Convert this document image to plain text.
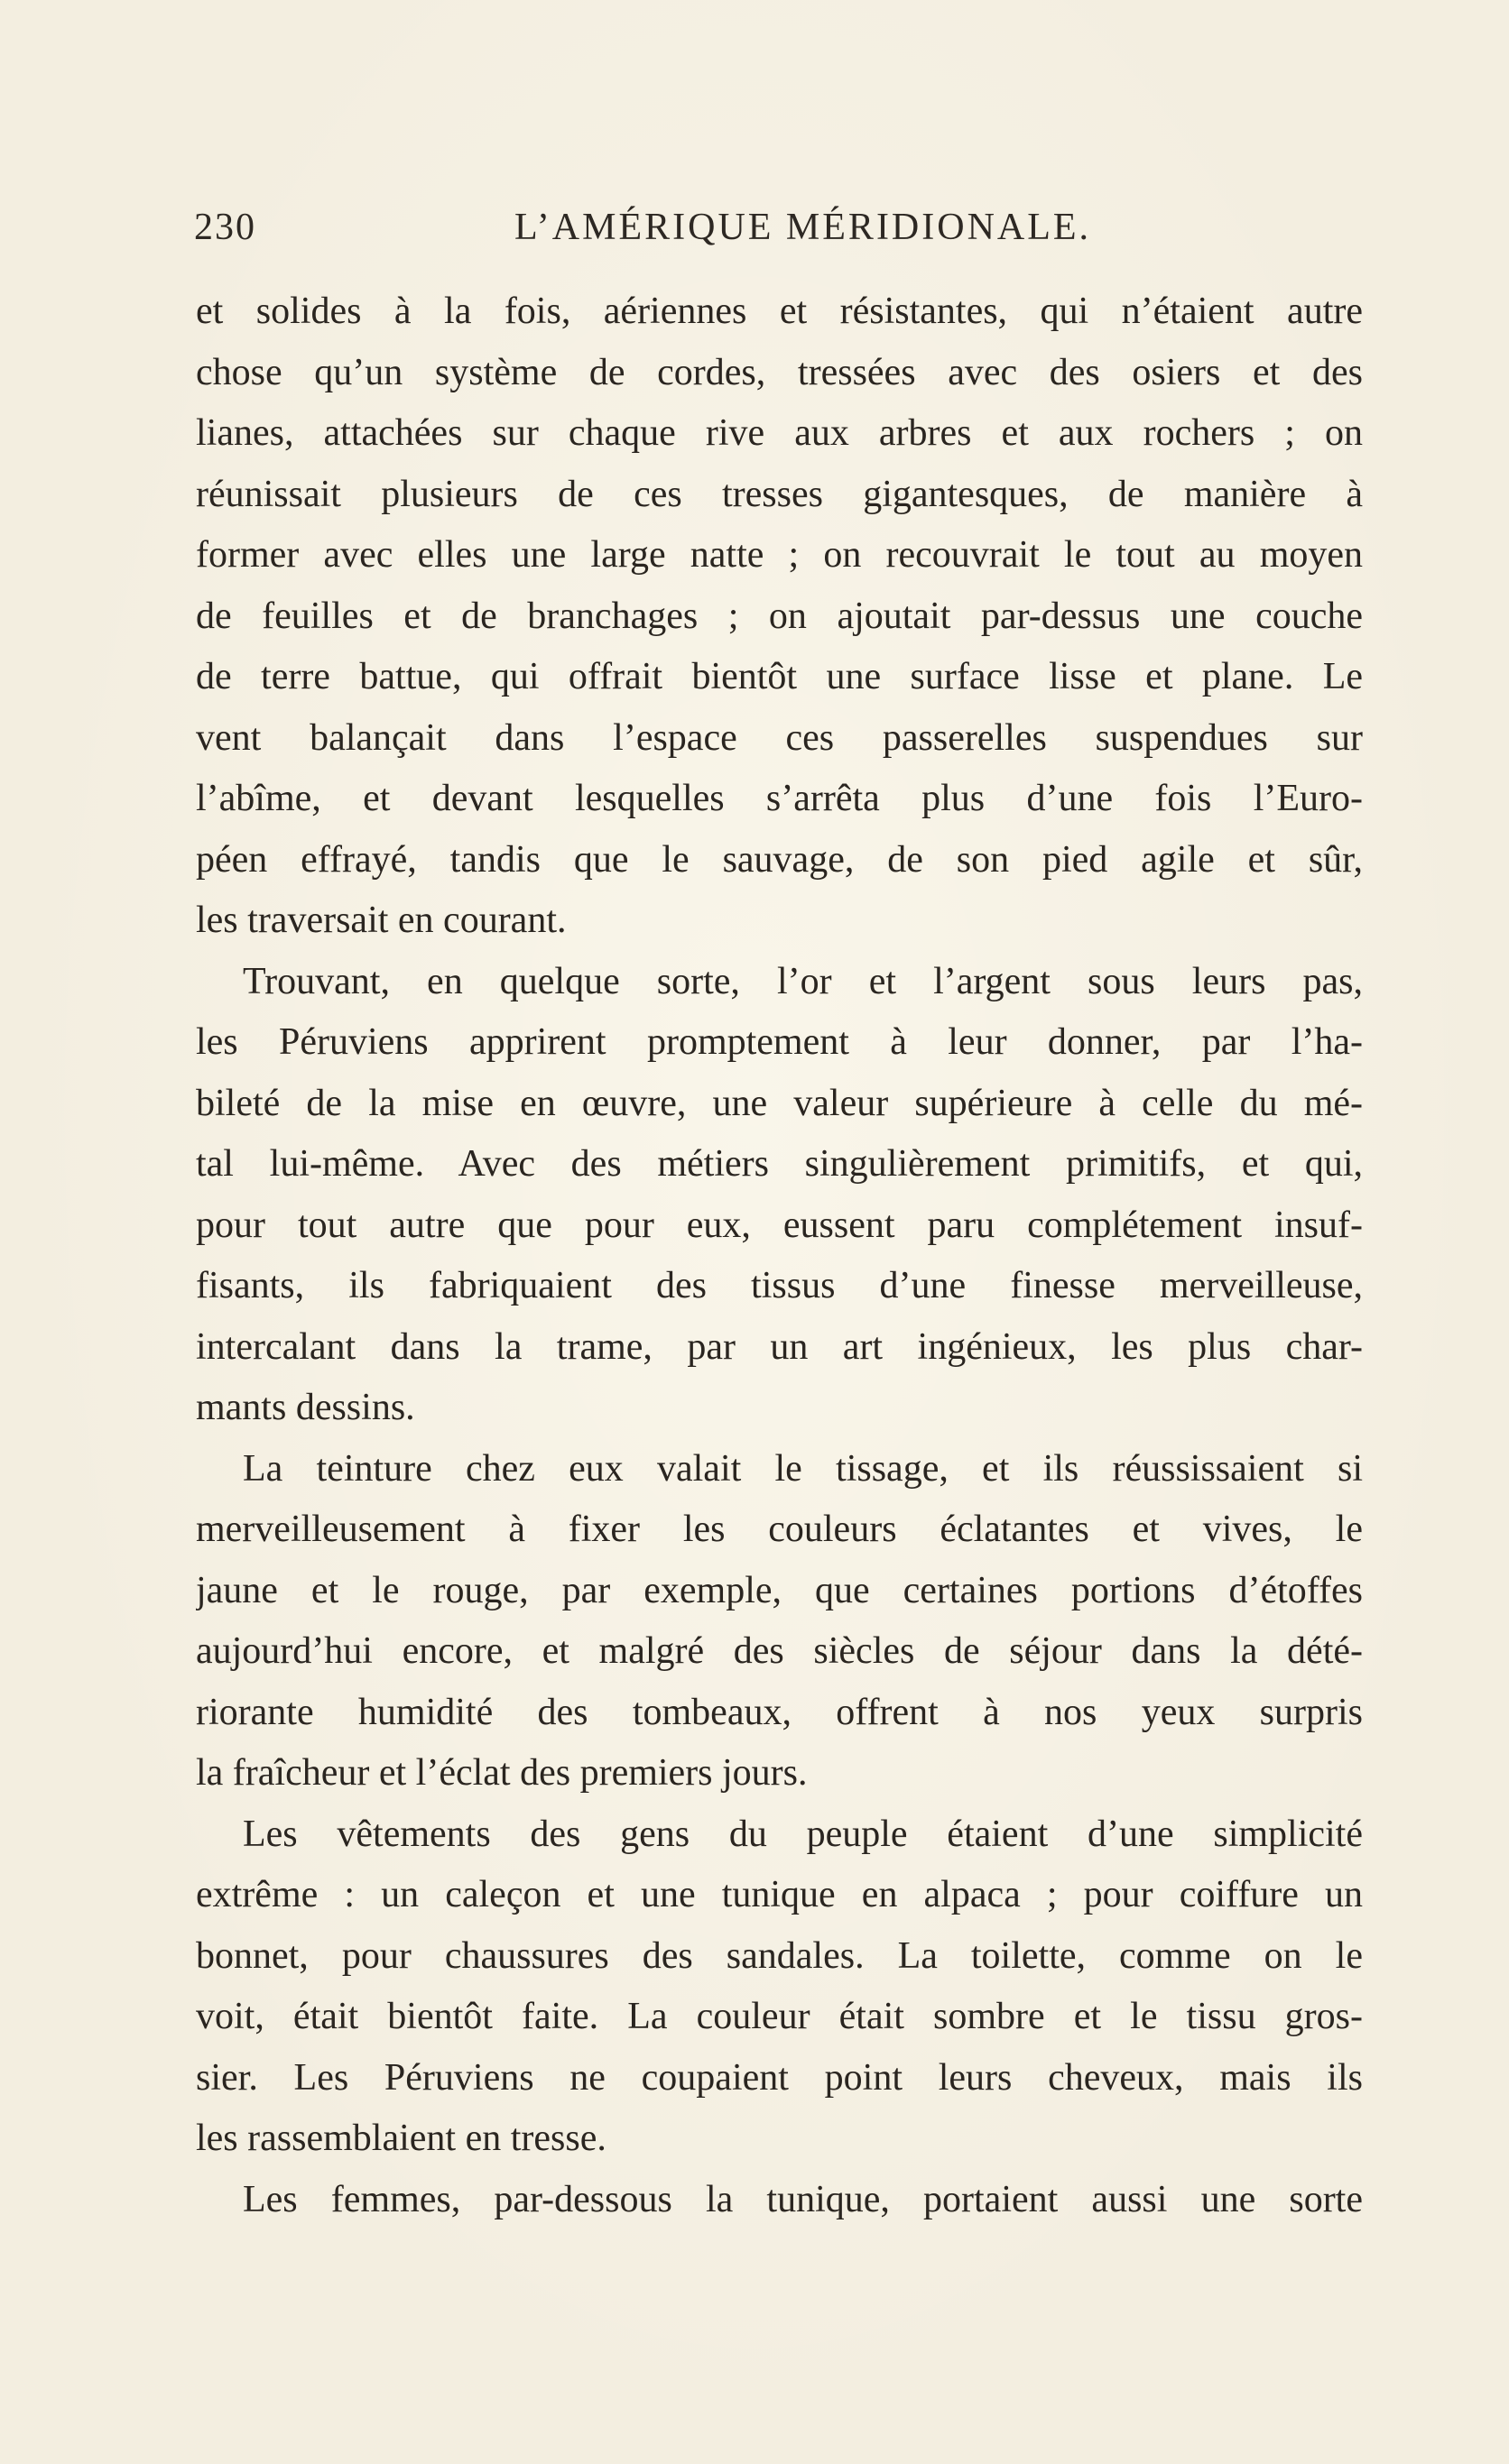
230	L’AMÉRIQUE MÉRIDIONALE.
et solides à la fois, aériennes et résistantes, qui n’étaient autre
chose qu’un système de cordes, tressées avec des osiers et des
lianes, attachées sur chaque rive aux arbres et aux rochers ; on
réunissait plusieurs de ces tresses gigantesques, de manière à
former avec elles une large natte ; on recouvrait le tout au moyen
de feuilles et de branchages ; on ajoutait par-dessus une couche
de terre battue, qui offrait bientôt une surface lisse et plane. Le
vent balançait dans l’espace ces passerelles suspendues sur
l’abîme, et devant lesquelles s’arrêta plus d’une fois l’Euro-
péen effrayé, tandis que le sauvage, de son pied agile et sûr,
les traversait en courant.
Trouvant, en quelque sorte, l’or et l’argent sous leurs pas,
les Péruviens apprirent promptement à leur donner, par l’ha-
bileté de la mise en œuvre, une valeur supérieure à celle du mé-
tal lui-même. Avec des métiers singulièrement primitifs, et qui,
pour tout autre que pour eux, eussent paru complétement insuf-
fisants, ils fabriquaient des tissus d’une finesse merveilleuse,
intercalant dans la trame, par un art ingénieux, les plus char-
mants dessins.
La teinture chez eux valait le tissage, et ils réussissaient si
merveilleusement à fixer les couleurs éclatantes et vives, le
jaune et le rouge, par exemple, que certaines portions d’étoffes
aujourd’hui encore, et malgré des siècles de séjour dans la dété-
riorante humidité des tombeaux, offrent à nos yeux surpris
la fraîcheur et l’éclat des premiers jours.
Les vêtements des gens du peuple étaient d’une simplicité
extrême : un caleçon et une tunique en alpaca ; pour coiffure un
bonnet, pour chaussures des sandales. La toilette, comme on le
voit, était bientôt faite. La couleur était sombre et le tissu gros-
sier. Les Péruviens ne coupaient point leurs cheveux, mais ils
les rassemblaient en tresse.
Les femmes, par-dessous la tunique, portaient aussi une sorte
